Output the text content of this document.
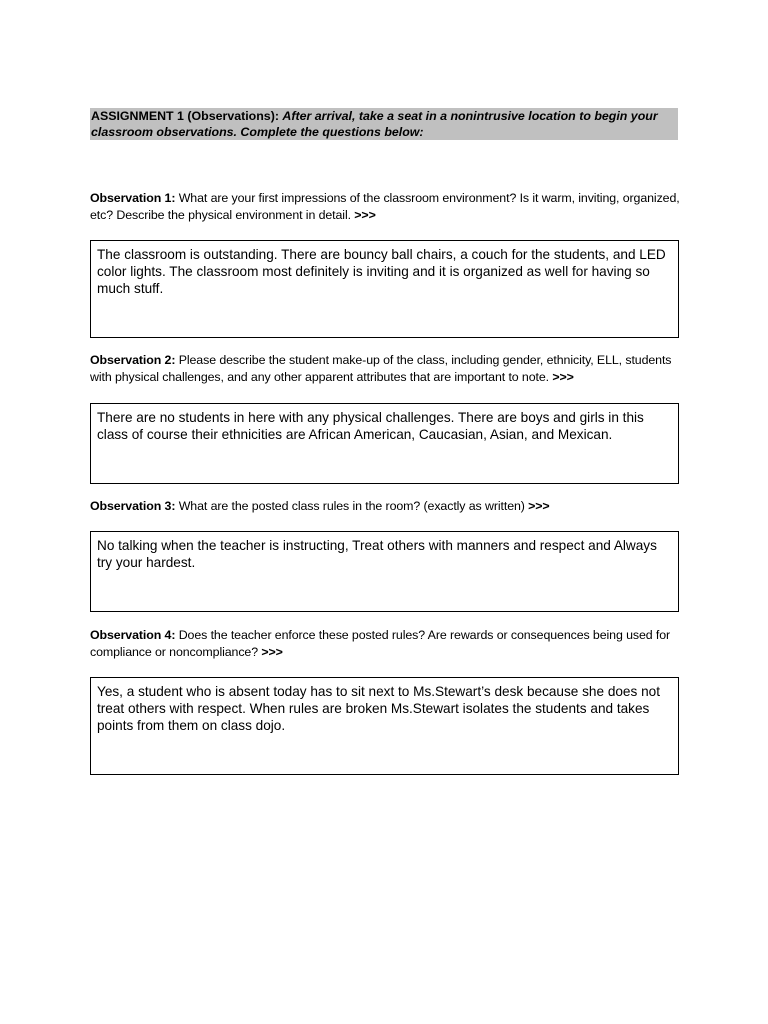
ASSIGNMENT 1 (Observations): After arrival, take a seat in a nonintrusive location to begin your classroom observations. Complete the questions below:
Observation 1: What are your first impressions of the classroom environment? Is it warm, inviting, organized, etc? Describe the physical environment in detail. >>>
The classroom is outstanding. There are bouncy ball chairs, a couch for the students, and LED color lights. The classroom most definitely is inviting and it is organized as well for having so much stuff.
Observation 2: Please describe the student make-up of the class, including gender, ethnicity, ELL, students with physical challenges, and any other apparent attributes that are important to note. >>>
There are no students in here with any physical challenges. There are boys and girls in this class of course their ethnicities are African American, Caucasian, Asian, and Mexican.
Observation 3: What are the posted class rules in the room? (exactly as written) >>>
No talking when the teacher is instructing, Treat others with manners and respect and Always try your hardest.
Observation 4: Does the teacher enforce these posted rules? Are rewards or consequences being used for compliance or noncompliance? >>>
Yes, a student who is absent today has to sit next to Ms.Stewart’s desk because she does not treat others with respect. When rules are broken Ms.Stewart isolates the students and takes points from them on class dojo.
